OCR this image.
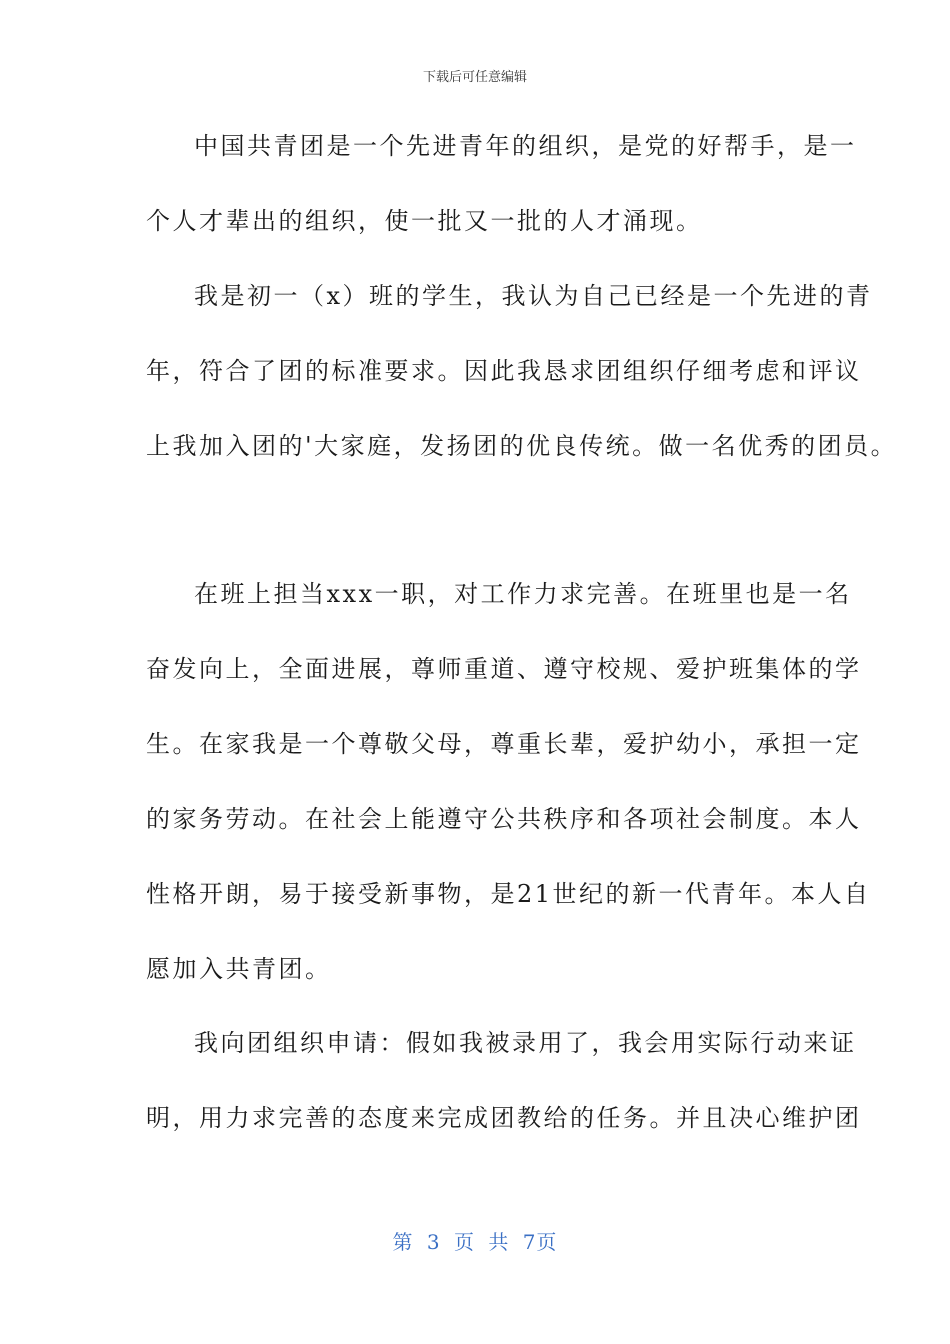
下载后可任意编辑
中国共青团是一个先进青年的组织，是党的好帮手，是一
个人才辈出的组织，使一批又一批的人才涌现。
我是初一（x）班的学生，我认为自己已经是一个先进的青
年，符合了团的标准要求。因此我恳求团组织仔细考虑和评议
上我加入团的'大家庭，发扬团的优良传统。做一名优秀的团员。
在班上担当xxx一职，对工作力求完善。在班里也是一名
奋发向上，全面进展，尊师重道、遵守校规、爱护班集体的学
生。在家我是一个尊敬父母，尊重长辈，爱护幼小，承担一定
的家务劳动。在社会上能遵守公共秩序和各项社会制度。本人
性格开朗，易于接受新事物，是21世纪的新一代青年。本人自
愿加入共青团。
我向团组织申请：假如我被录用了，我会用实际行动来证
明，用力求完善的态度来完成团教给的任务。并且决心维护团
第 3 页 共 7页
